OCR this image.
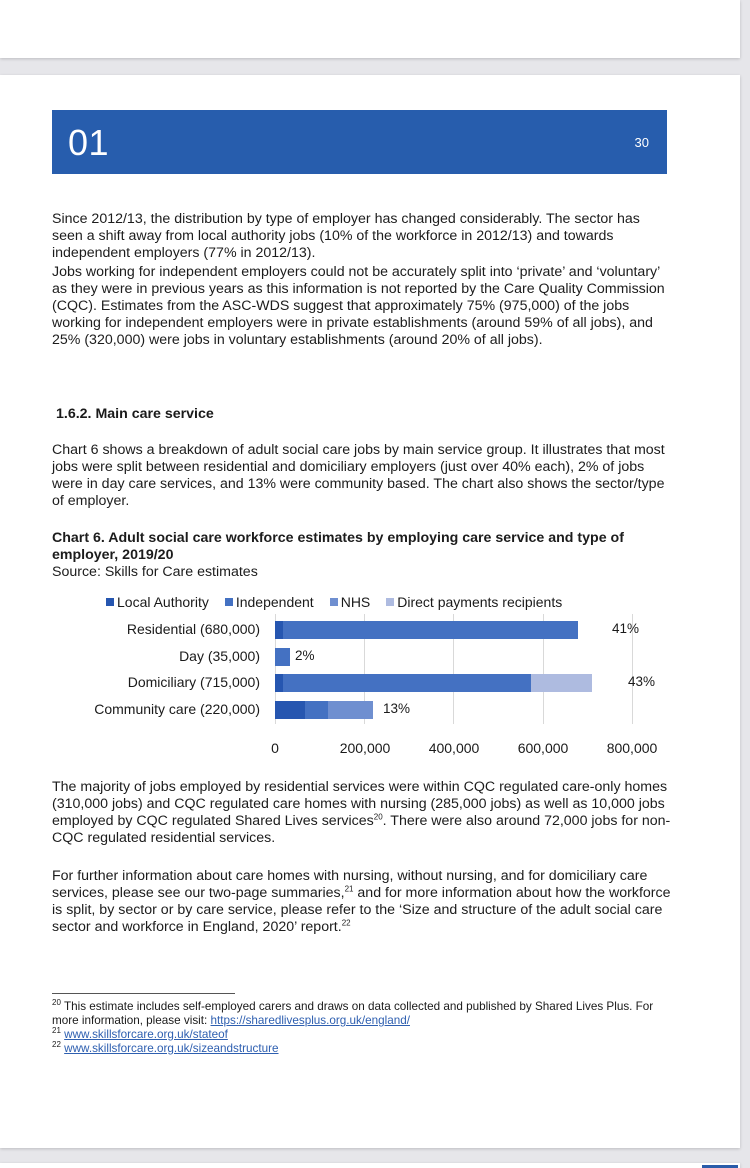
01	30

Since 2012/13, the distribution by type of employer has changed considerably. The sector has seen a shift away from local authority jobs (10% of the workforce in 2012/13) and towards independent employers (77% in 2012/13).

Jobs working for independent employers could not be accurately split into ‘private’ and ‘voluntary’ as they were in previous years as this information is not reported by the Care Quality Commission (CQC). Estimates from the ASC-WDS suggest that approximately 75% (975,000) of the jobs working for independent employers were in private establishments (around 59% of all jobs), and 25% (320,000) were jobs in voluntary establishments (around 20% of all jobs).

1.6.2. Main care service

Chart 6 shows a breakdown of adult social care jobs by main service group. It illustrates that most jobs were split between residential and domiciliary employers (just over 40% each), 2% of jobs were in day care services, and 13% were community based. The chart also shows the sector/type of employer.

Chart 6. Adult social care workforce estimates by employing care service and type of employer, 2019/20
Source: Skills for Care estimates
Local Authority Independent NHS Direct payments recipients
Residential (680,000)
Day (35,000)
Domiciliary (715,000)
Community care (220,000)
41%
2%
43%
13%
0	200,000	400,000	600,000	800,000

The majority of jobs employed by residential services were within CQC regulated care-only homes (310,000 jobs) and CQC regulated care homes with nursing (285,000 jobs) as well as 10,000 jobs employed by CQC regulated Shared Lives services$^{20}$. There were also around 72,000 jobs for non-CQC regulated residential services.

For further information about care homes with nursing, without nursing, and for domiciliary care services, please see our two-page summaries,$^{21}$ and for more information about how the workforce is split, by sector or by care service, please refer to the ‘Size and structure of the adult social care sector and workforce in England, 2020’ report.$^{22}$

$^{20}$ This estimate includes self-employed carers and draws on data collected and published by Shared Lives Plus. For more information, please visit: https://sharedlivesplus.org.uk/england/
$^{21}$ www.skillsforcare.org.uk/stateof
$^{22}$ www.skillsforcare.org.uk/sizeandstructure
